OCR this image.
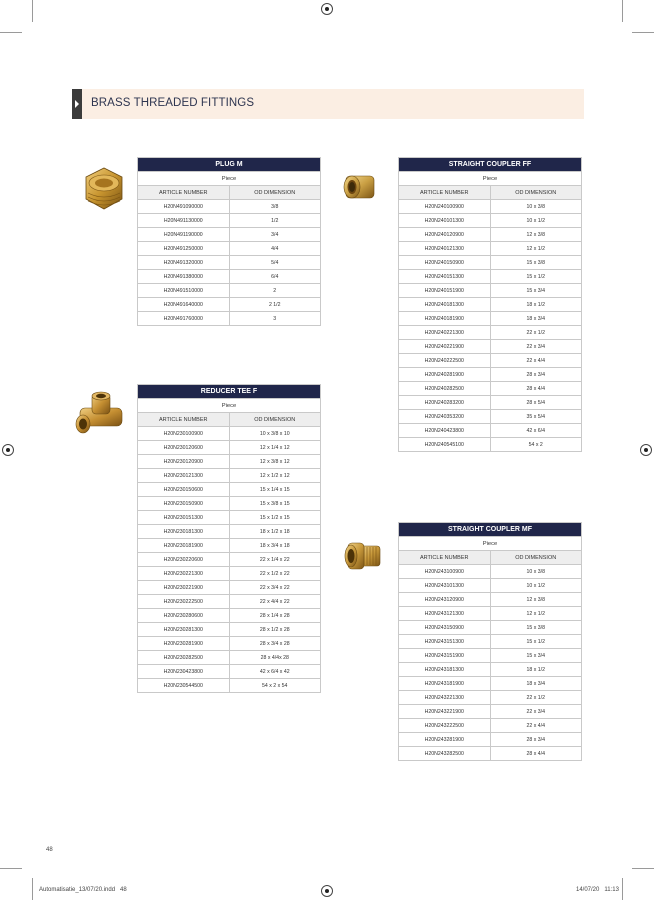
BRASS THREADED FITTINGS
PLUG M	
Piece	
ARTICLE NUMBER	OD DIMENSION
H20N491090000	3/8
H20N491130000	1/2
H20N491190000	3/4
H20N491250000	4/4
H20N491320000	5/4
H20N491380000	6/4
H20N491510000	2
H20N491640000	2 1/2
H20N491760000	3
STRAIGHT COUPLER FF	
Piece	
ARTICLE NUMBER	OD DIMENSION
H20N240100900	10 x 3/8
H20N240101300	10 x 1/2
H20N240120900	12 x 3/8
H20N240121300	12 x 1/2
H20N240150900	15 x 3/8
H20N240151300	15 x 1/2
H20N240151900	15 x 3/4
H20N240181300	18 x 1/2
H20N240181900	18 x 3/4
H20N240221300	22 x 1/2
H20N240221900	22 x 3/4
H20N240222500	22 x 4/4
H20N240281900	28 x 3/4
H20N240282500	28 x 4/4
H20N240283200	28 x 5/4
H20N240353200	35 x 5/4
H20N240423800	42 x 6/4
H20N240545100	54 x 2
REDUCER TEE F	
Piece	
ARTICLE NUMBER	OD DIMENSION
H20N230100900	10 x 3/8 x 10
H20N230120600	12 x 1/4 x 12
H20N230120900	12 x 3/8 x 12
H20N230121300	12 x 1/2 x 12
H20N230150600	15 x 1/4 x 15
H20N230150900	15 x 3/8 x 15
H20N230151300	15 x 1/2 x 15
H20N230181300	18 x 1/2 x 18
H20N230181900	18 x 3/4 x 18
H20N230220600	22 x 1/4 x 22
H20N230221300	22 x 1/2 x 22
H20N230221900	22 x 3/4 x 22
H20N230222500	22 x 4/4 x 22
H20N230280600	28 x 1/4 x 28
H20N230281300	28 x 1/2 x 28
H20N230281900	28 x 3/4 x 28
H20N230282500	28 x 4/4x 28
H20N230423800	42 x 6/4 x 42
H20N230544500	54 x 2 x 54
STRAIGHT COUPLER MF	
Piece	
ARTICLE NUMBER	OD DIMENSION
H20N243100900	10 x 3/8
H20N243101300	10 x 1/2
H20N243120900	12 x 3/8
H20N243121300	12 x 1/2
H20N243150900	15 x 3/8
H20N243151300	15 x 1/2
H20N243151900	15 x 3/4
H20N243181300	18 x 1/2
H20N243181900	18 x 3/4
H20N243221300	22 x 1/2
H20N243221900	22 x 3/4
H20N243222500	22 x 4/4
H20N243281900	28 x 3/4
H20N243282500	28 x 4/4
48
Automatisatie_13/07/20.indd   48	14/07/20   11:13
